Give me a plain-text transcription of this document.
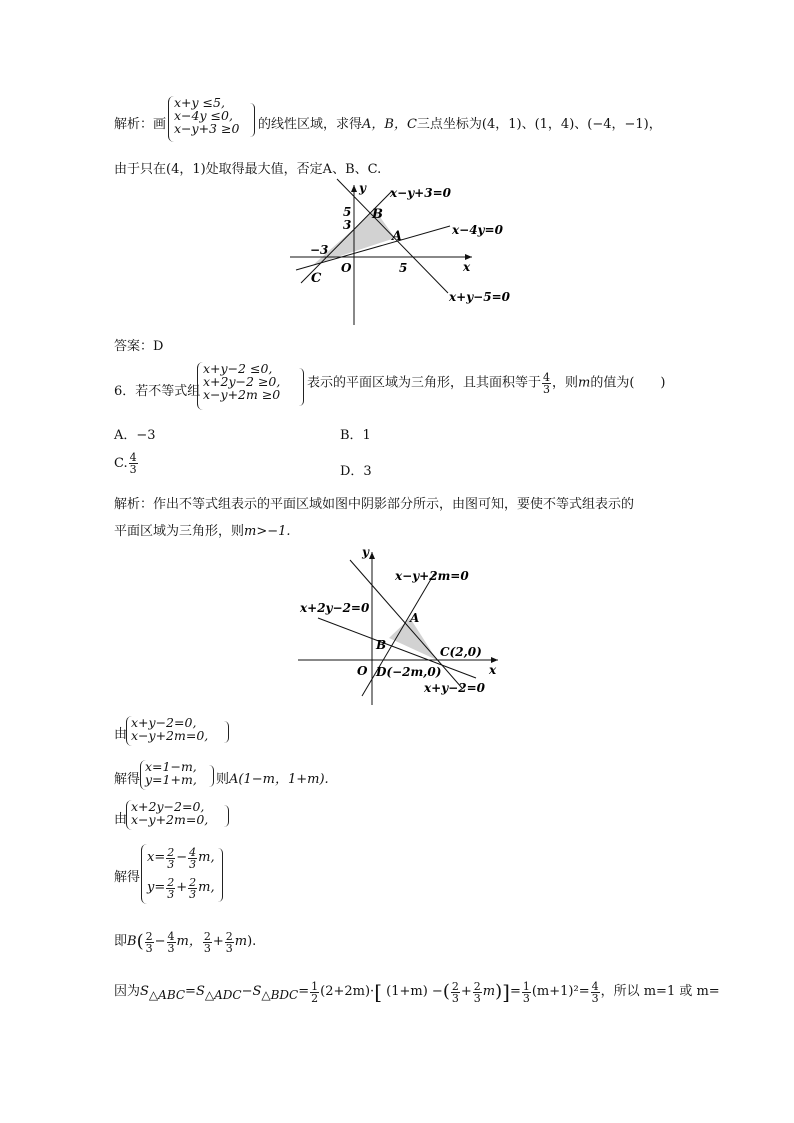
解析：画
x+y ≤5,
x−4y ≤0,
x−y+3 ≥0 的线性区域，求得A，B，C三点坐标为(4，1)、(1，4)、(−4，−1)，
由于只在(4，1)处取得最大值，否定A、B、C.
y
x
O
A
B
C
5
3
5
−3
x−y+3=0
x−4y=0
x+y−5=0
答案：D
6．若不等式组
x+y−2 ≤0,
x+2y−2 ≥0,
x−y+2m ≥0
表示的平面区域为三角形，且其面积等于 $\frac{4}{3}$ ，则m的值为(　　)
A．−3	B．1
C. $\frac{4}{3}$	D．3
解析：作出不等式组表示的平面区域如图中阴影部分所示，由图可知，要使不等式组表示的
平面区域为三角形，则m>−1.
y
x
O
A
B	C(2,0)
D(−2m,0)
x−y+2m=0
x+2y−2=0
x+y−2=0
由
x+y−2=0,
x−y+2m=0,
解得
x=1−m,
y=1+m, 则A(1−m，1+m).
由
x+2y−2=0,
x−y+2m=0,
解得
$x= \frac{2}{3} - \frac{4}{3} m$,
$y= \frac{2}{3} + \frac{2}{3} m$,
即$B( \frac{2}{3} - \frac{4}{3}$ m， $\frac{2}{3} + \frac{2}{3} m$).
因为$S_{\triangle ABC}=S_{\triangle ADC}-S_{\triangle BDC}= \frac{1}{2} (2+2m)\cdot$[ (1+m) −( $\frac{2}{3} + \frac{2}{3} m)]= \frac{1}{3} (m+1)^2= \frac{4}{3}$ ，所以 m=1 或 m=
